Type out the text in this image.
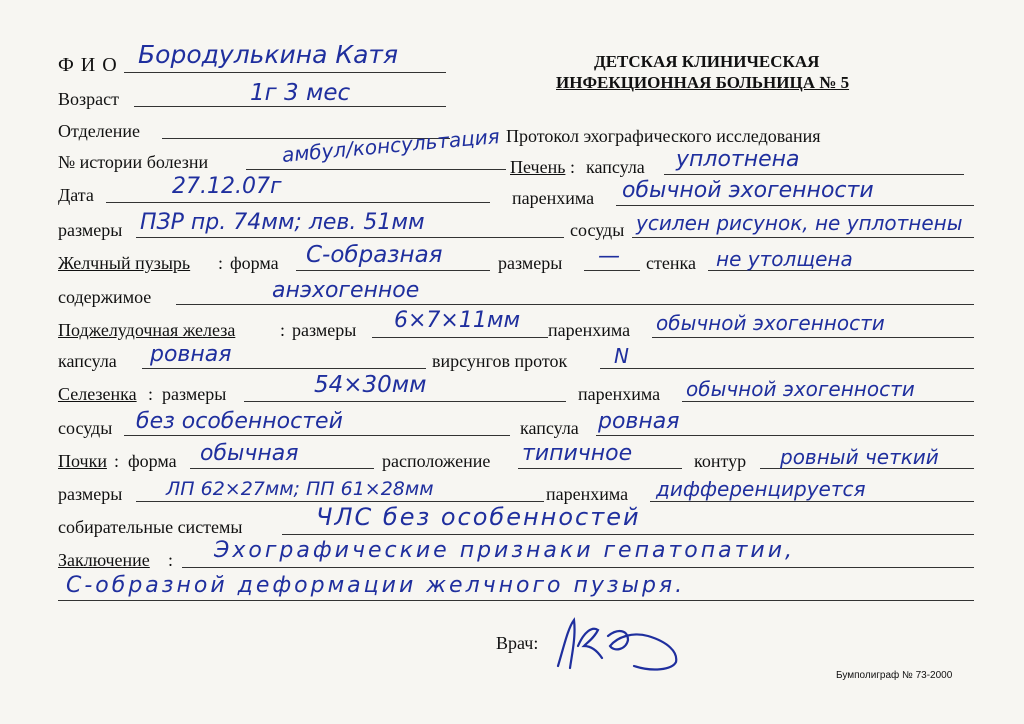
ДЕТСКАЯ КЛИНИЧЕСКАЯ
ИНФЕКЦИОННАЯ БОЛЬНИЦА № 5
Ф И О Бородулькина Катя
Возраст	1г 3 мес
Отделение	Протокол эхографического исследования
№ истории болезни	амбул/консультация
Печень : капсула уплотнена
Дата	27.12.07г	паренхима обычной эхогенности
размеры ПЗР пр. 74мм; лев. 51мм	сосуды усилен рисунок, не уплотнены
Желчный пузырь : форма С-образная	размеры — стенка не утолщена
содержимое	анэхогенное
Поджелудочная железа : размеры 6×7×11мм паренхима обычной эхогенности
капсула ровная	вирсунгов проток N
Селезенка : размеры	54×30мм	паренхима обычной эхогенности
сосуды без особенностей	капсула ровная
Почки : форма обычная	расположение типичное	контур ровный четкий
размеры ЛП 62×27мм; ПП 61×28мм	паренхима дифференцируется
собирательные системы	ЧЛС без особенностей
Заключение : Эхографические признаки гепатопатии,
С-образной деформации желчного пузыря.
Врач:
Бумполиграф № 73-2000
